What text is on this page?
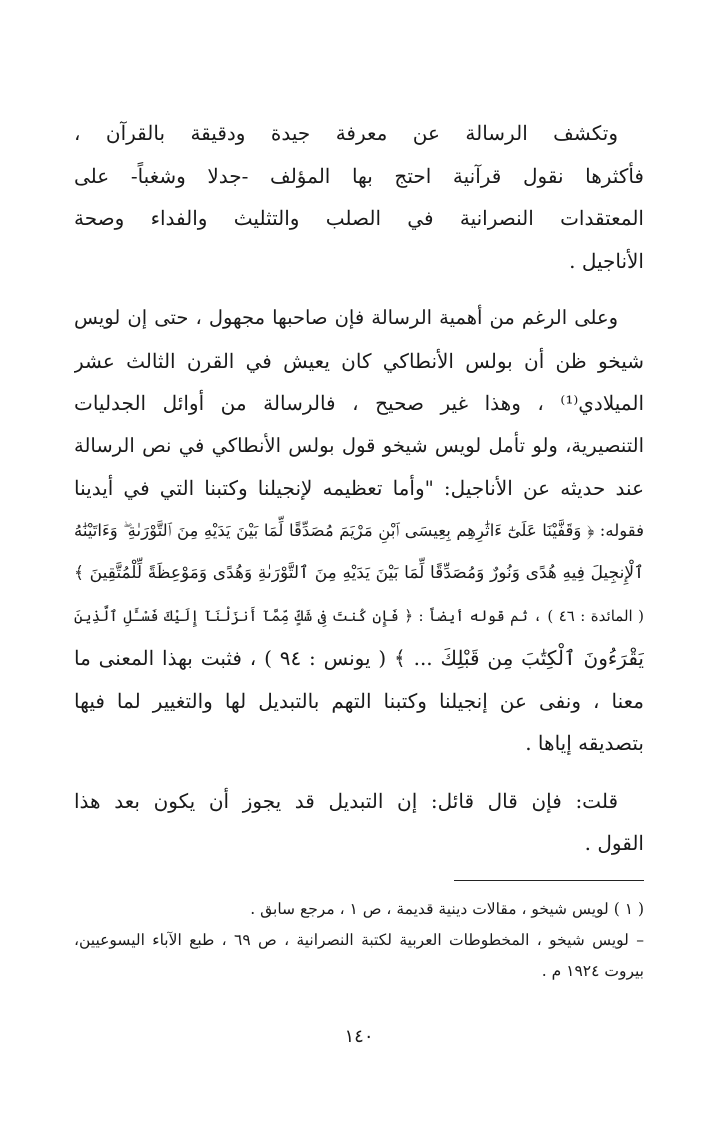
وتكشف الرسالة عن معرفة جيدة ودقيقة بالقرآن ،
فأكثرها نقول قرآنية احتج بها المؤلف -جدلا وشغباً- على
المعتقدات النصرانية في الصلب والتثليث والفداء وصحة
الأناجيل .
وعلى الرغم من أهمية الرسالة فإن صاحبها مجهول ، حتى إن لويس
شيخو ظن أن بولس الأنطاكي كان يعيش في القرن الثالث عشر
الميلادي⁽¹⁾ ، وهذا غير صحيح ، فالرسالة من أوائل الجدليات
التنصيرية، ولو تأمل لويس شيخو قول بولس الأنطاكي في نص الرسالة
عند حديثه عن الأناجيل: "وأما تعظيمه لإنجيلنا وكتبنا التي في أيدينا
فقوله: ﴿ وَقَفَّيْنَا عَلَىٰٓ ءَاثَٰرِهِم بِعِيسَى ٱبْنِ مَرْيَمَ مُصَدِّقًا لِّمَا بَيْنَ يَدَيْهِ مِنَ ٱلتَّوْرَىٰةِ ۖ وَءَاتَيْنَٰهُ
ٱلْإِنجِيلَ فِيهِ هُدًى وَنُورٌ وَمُصَدِّقًا لِّمَا بَيْنَ يَدَيْهِ مِنَ ٱلتَّوْرَىٰةِ وَهُدًى وَمَوْعِظَةً لِّلْمُتَّقِينَ ﴾
( المائدة : ٤٦ ) ، ثم قوله أيضاً : ﴿ فَإِن كُنتَ فِى شَكٍّ مِّمَّآ أَنزَلْنَآ إِلَيْكَ فَسْـَٔلِ ٱلَّذِينَ
يَقْرَءُونَ ٱلْكِتَٰبَ مِن قَبْلِكَ ... ﴾ ( يونس : ٩٤ ) ، فثبت بهذا المعنى ما
معنا ، ونفى عن إنجيلنا وكتبنا التهم بالتبديل لها والتغيير لما فيها
بتصديقه إياها .
قلت: فإن قال قائل: إن التبديل قد يجوز أن يكون بعد هذا
القول .
( ١ ) لويس شيخو ، مقالات دينية قديمة ، ص ١ ، مرجع سابق .
– لويس شيخو ، المخطوطات العربية لكتبة النصرانية ، ص ٦٩ ، طبع الآباء اليسوعيين،
بيروت ١٩٢٤ م .
١٤٠
